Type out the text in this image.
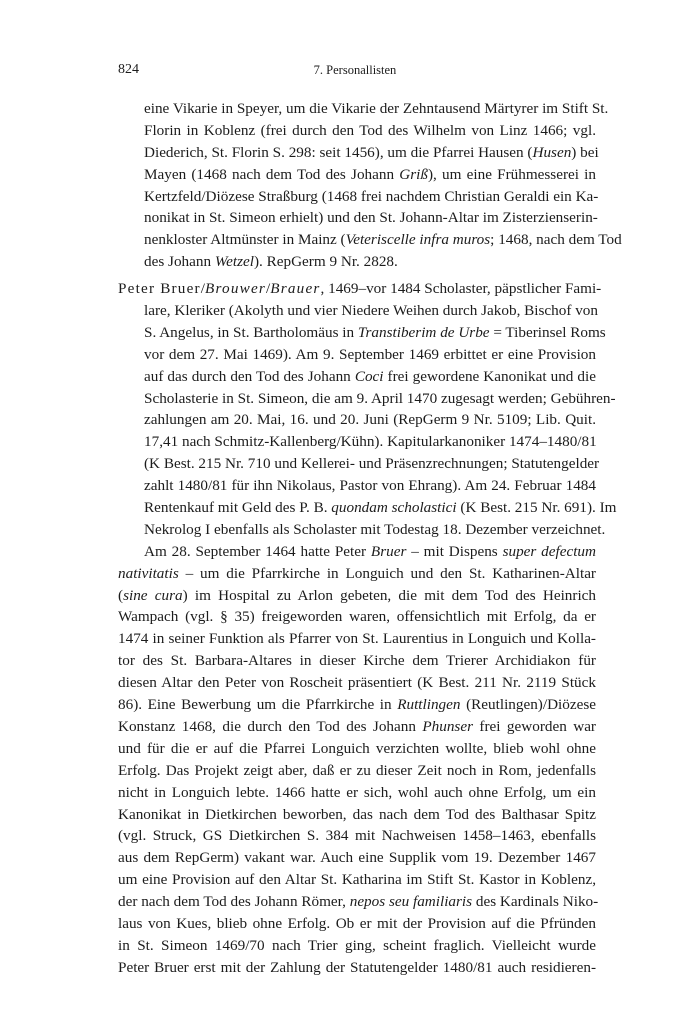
824	7. Personallisten
eine Vikarie in Speyer, um die Vikarie der Zehntausend Märtyrer im Stift St.
Florin in Koblenz (frei durch den Tod des Wilhelm von Linz 1466; vgl.
Diederich, St. Florin S. 298: seit 1456), um die Pfarrei Hausen (Husen) bei
Mayen (1468 nach dem Tod des Johann Griß), um eine Frühmesserei in
Kertzfeld/Diözese Straßburg (1468 frei nachdem Christian Geraldi ein Ka-
nonikat in St. Simeon erhielt) und den St. Johann-Altar im Zisterzienserin-
nenkloster Altmünster in Mainz (Veteriscelle infra muros; 1468, nach dem Tod
des Johann Wetzel). RepGerm 9 Nr. 2828.
Peter Bruer/Brouwer/Brauer, 1469–vor 1484 Scholaster, päpstlicher Fami-
lare, Kleriker (Akolyth und vier Niedere Weihen durch Jakob, Bischof von
S. Angelus, in St. Bartholomäus in Transtiberim de Urbe = Tiberinsel Roms
vor dem 27. Mai 1469). Am 9. September 1469 erbittet er eine Provision
auf das durch den Tod des Johann Coci frei gewordene Kanonikat und die
Scholasterie in St. Simeon, die am 9. April 1470 zugesagt werden; Gebühren-
zahlungen am 20. Mai, 16. und 20. Juni (RepGerm 9 Nr. 5109; Lib. Quit.
17,41 nach Schmitz-Kallenberg/Kühn). Kapitularkanoniker 1474–1480/81
(K Best. 215 Nr. 710 und Kellerei- und Präsenzrechnungen; Statutengelder
zahlt 1480/81 für ihn Nikolaus, Pastor von Ehrang). Am 24. Februar 1484
Rentenkauf mit Geld des P. B. quondam scholastici (K Best. 215 Nr. 691). Im
Nekrolog I ebenfalls als Scholaster mit Todestag 18. Dezember verzeichnet.
Am 28. September 1464 hatte Peter Bruer – mit Dispens super defectum
nativitatis – um die Pfarrkirche in Longuich und den St. Katharinen-Altar
(sine cura) im Hospital zu Arlon gebeten, die mit dem Tod des Heinrich
Wampach (vgl. § 35) freigeworden waren, offensichtlich mit Erfolg, da er
1474 in seiner Funktion als Pfarrer von St. Laurentius in Longuich und Kolla-
tor des St. Barbara-Altares in dieser Kirche dem Trierer Archidiakon für
diesen Altar den Peter von Roscheit präsentiert (K Best. 211 Nr. 2119 Stück
86). Eine Bewerbung um die Pfarrkirche in Ruttlingen (Reutlingen)/Diözese
Konstanz 1468, die durch den Tod des Johann Phunser frei geworden war
und für die er auf die Pfarrei Longuich verzichten wollte, blieb wohl ohne
Erfolg. Das Projekt zeigt aber, daß er zu dieser Zeit noch in Rom, jedenfalls
nicht in Longuich lebte. 1466 hatte er sich, wohl auch ohne Erfolg, um ein
Kanonikat in Dietkirchen beworben, das nach dem Tod des Balthasar Spitz
(vgl. Struck, GS Dietkirchen S. 384 mit Nachweisen 1458–1463, ebenfalls
aus dem RepGerm) vakant war. Auch eine Supplik vom 19. Dezember 1467
um eine Provision auf den Altar St. Katharina im Stift St. Kastor in Koblenz,
der nach dem Tod des Johann Römer, nepos seu familiaris des Kardinals Niko-
laus von Kues, blieb ohne Erfolg. Ob er mit der Provision auf die Pfründen
in St. Simeon 1469/70 nach Trier ging, scheint fraglich. Vielleicht wurde
Peter Bruer erst mit der Zahlung der Statutengelder 1480/81 auch residieren-
